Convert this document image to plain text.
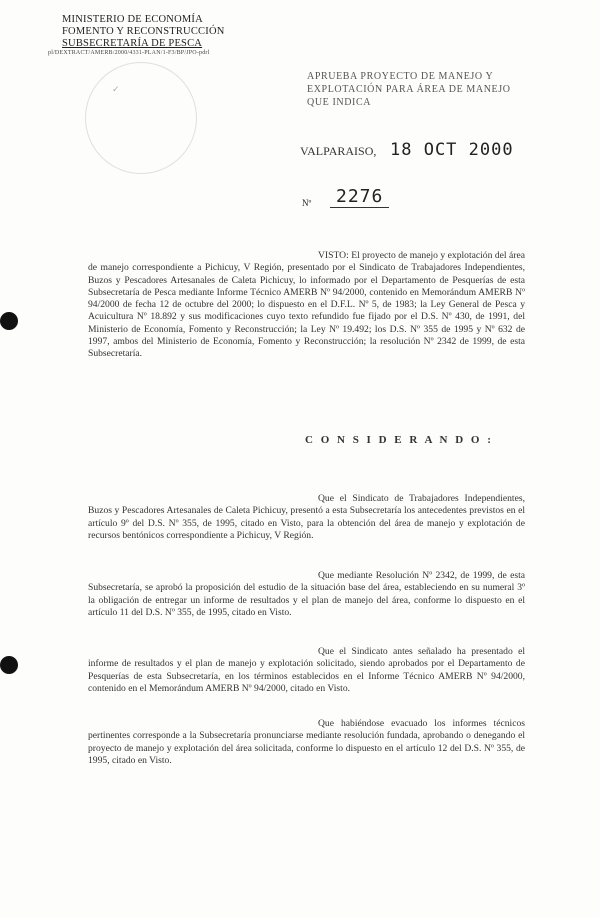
MINISTERIO DE ECONOMÍA
FOMENTO Y RECONSTRUCCIÓN
SUBSECRETARÍA DE PESCA
pl/DEXTRACT/AMERB/2000/4331-PLAN/1-F3/BP/JPO-pdrl
✓
APRUEBA PROYECTO DE MANEJO Y EXPLOTACIÓN PARA ÁREA DE MANEJO QUE INDICA
VALPARAISO, 18 OCT 2000
Nº	2276
VISTO: El proyecto de manejo y explotación del área de manejo correspondiente a Pichicuy, V Región, presentado por el Sindicato de Trabajadores Independientes, Buzos y Pescadores Artesanales de Caleta Pichicuy, lo informado por el Departamento de Pesquerías de esta Subsecretaría de Pesca mediante Informe Técnico AMERB Nº 94/2000, contenido en Memorándum AMERB Nº 94/2000 de fecha 12 de octubre del 2000; lo dispuesto en el D.F.L. Nº 5, de 1983; la Ley General de Pesca y Acuicultura Nº 18.892 y sus modificaciones cuyo texto refundido fue fijado por el D.S. Nº 430, de 1991, del Ministerio de Economía, Fomento y Reconstrucción; la Ley Nº 19.492; los D.S. Nº 355 de 1995 y Nº 632 de 1997, ambos del Ministerio de Economía, Fomento y Reconstrucción; la resolución Nº 2342 de 1999, de esta Subsecretaría.
C O N S I D E R A N D O :
Que el Sindicato de Trabajadores Independientes, Buzos y Pescadores Artesanales de Caleta Pichicuy, presentó a esta Subsecretaría los antecedentes previstos en el artículo 9º del D.S. Nº 355, de 1995, citado en Visto, para la obtención del área de manejo y explotación de recursos bentónicos correspondiente a Pichicuy, V Región.
Que mediante Resolución Nº 2342, de 1999, de esta Subsecretaría, se aprobó la proposición del estudio de la situación base del área, estableciendo en su numeral 3º la obligación de entregar un informe de resultados y el plan de manejo del área, conforme lo dispuesto en el artículo 11 del D.S. Nº 355, de 1995, citado en Visto.
Que el Sindicato antes señalado ha presentado el informe de resultados y el plan de manejo y explotación solicitado, siendo aprobados por el Departamento de Pesquerías de esta Subsecretaría, en los términos establecidos en el Informe Técnico AMERB Nº 94/2000, contenido en el Memorándum AMERB Nº 94/2000, citado en Visto.
Que habiéndose evacuado los informes técnicos pertinentes corresponde a la Subsecretaría pronunciarse mediante resolución fundada, aprobando o denegando el proyecto de manejo y explotación del área solicitada, conforme lo dispuesto en el artículo 12 del D.S. Nº 355, de 1995, citado en Visto.
